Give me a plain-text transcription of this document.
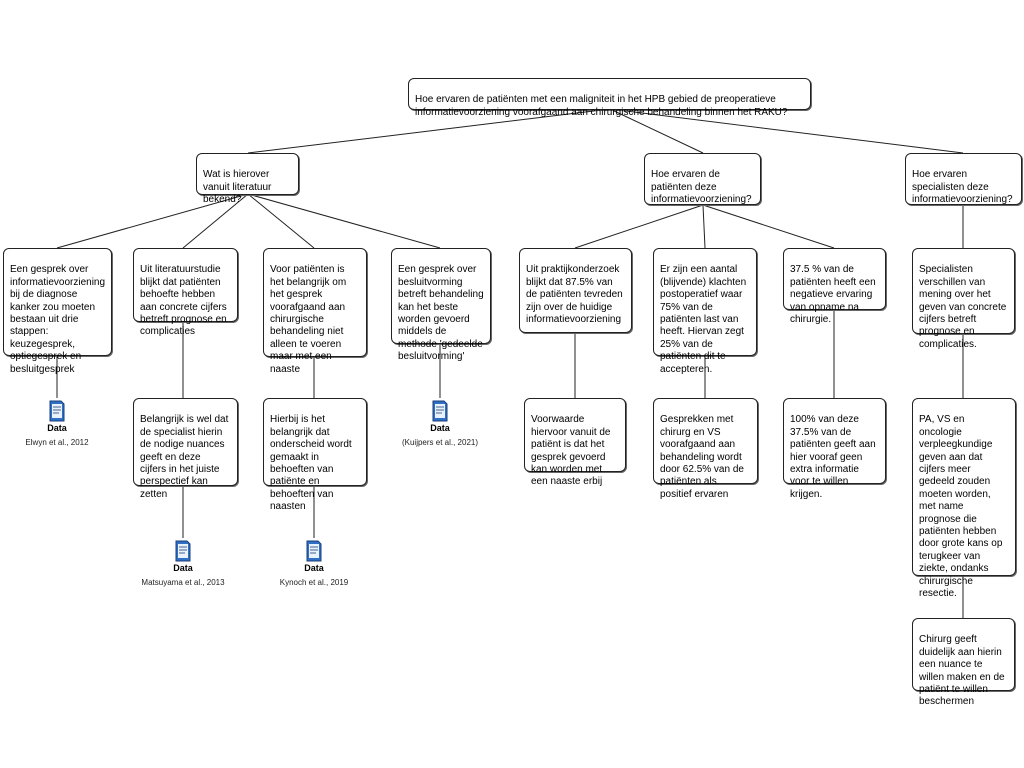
Hoe ervaren de patiënten met een maligniteit in het HPB gebied de preoperatieve
informatievoorziening voorafgaand aan chirurgische behandeling binnen het RAKU?

Wat is hierover
vanuit literatuur
bekend?

Hoe ervaren de
patiënten deze
informatievoorziening?

Hoe ervaren
specialisten deze
informatievoorziening?

Een gesprek over
informatievoorziening
bij de diagnose
kanker zou moeten
bestaan uit drie
stappen:
keuzegesprek,
optiegesprek en
besluitgesprek

Uit literatuurstudie
blijkt dat patiënten
behoefte hebben
aan concrete cijfers
betreft prognose en
complicaties

Voor patiënten is
het belangrijk om
het gesprek
voorafgaand aan
chirurgische
behandeling niet
alleen te voeren
maar met een
naaste

Een gesprek over
besluitvorming
betreft behandeling
kan het beste
worden gevoerd
middels de
methode 'gedeelde
besluitvorming'

Belangrijk is wel dat
de specialist hierin
de nodige nuances
geeft en deze
cijfers in het juiste
perspectief kan
zetten

Hierbij is het
belangrijk dat
onderscheid wordt
gemaakt in
behoeften van
patiënte en
behoeften van
naasten

Data
Elwyn et al., 2012
Data
Matsuyama et al., 2013
Data
Kynoch et al., 2019
Data
(Kuijpers et al., 2021)

Uit praktijkonderzoek
blijkt dat 87.5% van
de patiënten tevreden
zijn over de huidige
informatievoorziening

Er zijn een aantal
(blijvende) klachten
postoperatief waar
75% van de
patiënten last van
heeft. Hiervan zegt
25% van de
patiënten dit te
accepteren.

37.5 % van de
patiënten heeft een
negatieve ervaring
van opname na
chirurgie.

Voorwaarde
hiervoor vanuit de
patiënt is dat het
gesprek gevoerd
kan worden met
een naaste erbij

Gesprekken met
chirurg en VS
voorafgaand aan
behandeling wordt
door 62.5% van de
patiënten als
positief ervaren

100% van deze
37.5% van de
patiënten geeft aan
hier vooraf geen
extra informatie
voor te willen
krijgen.

Specialisten
verschillen van
mening over het
geven van concrete
cijfers betreft
prognose en
complicaties.

PA, VS en
oncologie
verpleegkundige
geven aan dat
cijfers meer
gedeeld zouden
moeten worden,
met name
prognose die
patiënten hebben
door grote kans op
terugkeer van
ziekte, ondanks
chirurgische
resectie.

Chirurg geeft
duidelijk aan hierin
een nuance te
willen maken en de
patiënt te willen
beschermen
